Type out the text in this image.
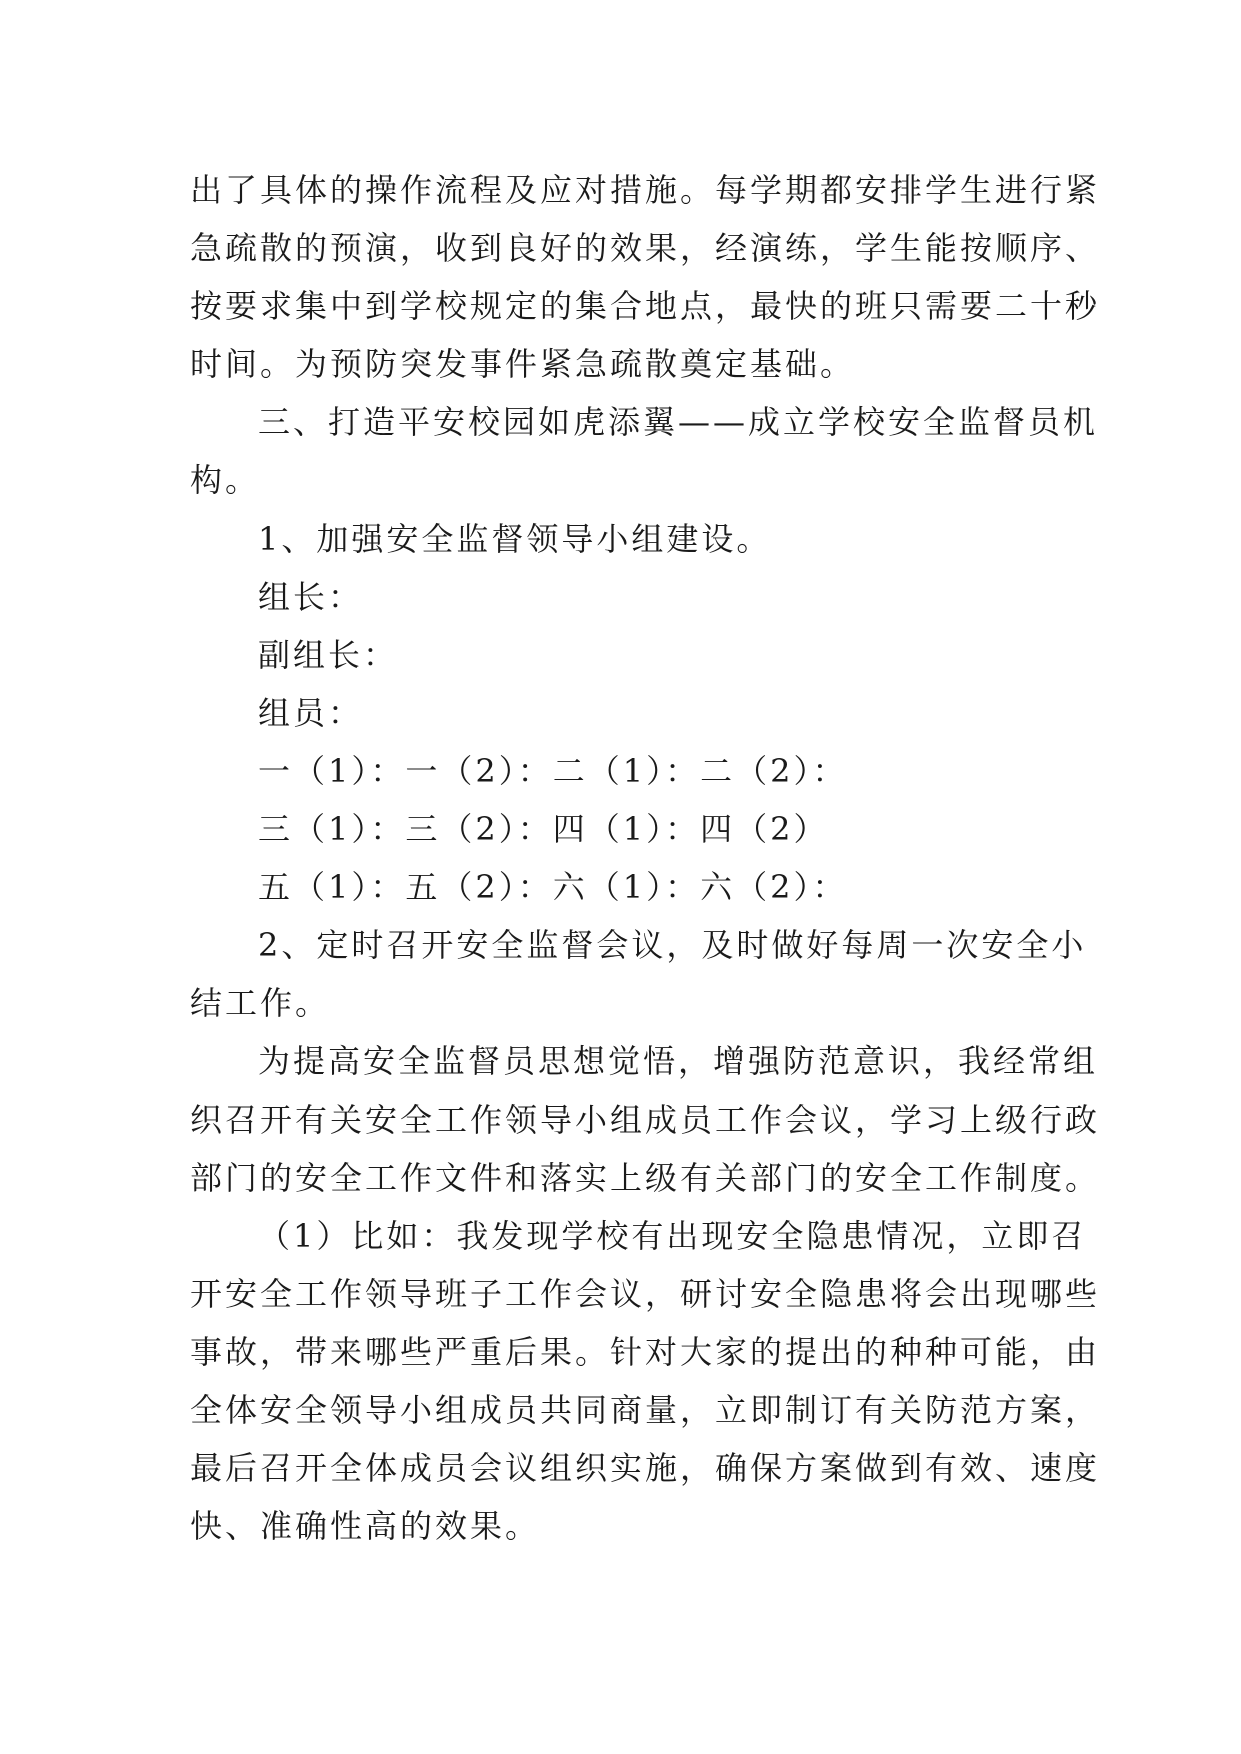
出了具体的操作流程及应对措施。每学期都安排学生进行紧
急疏散的预演，收到良好的效果，经演练，学生能按顺序、
按要求集中到学校规定的集合地点，最快的班只需要二十秒
时间。为预防突发事件紧急疏散奠定基础。
三、打造平安校园如虎添翼——成立学校安全监督员机
构。
1、加强安全监督领导小组建设。
组长：
副组长：
组员：
一（1）：一（2）：二（1）：二（2）：
三（1）：三（2）：四（1）：四（2）
五（1）：五（2）：六（1）：六（2）：
2、定时召开安全监督会议，及时做好每周一次安全小
结工作。
为提高安全监督员思想觉悟，增强防范意识，我经常组
织召开有关安全工作领导小组成员工作会议，学习上级行政
部门的安全工作文件和落实上级有关部门的安全工作制度。
（1）比如：我发现学校有出现安全隐患情况，立即召
开安全工作领导班子工作会议，研讨安全隐患将会出现哪些
事故，带来哪些严重后果。针对大家的提出的种种可能，由
全体安全领导小组成员共同商量，立即制订有关防范方案，
最后召开全体成员会议组织实施，确保方案做到有效、速度
快、准确性高的效果。
